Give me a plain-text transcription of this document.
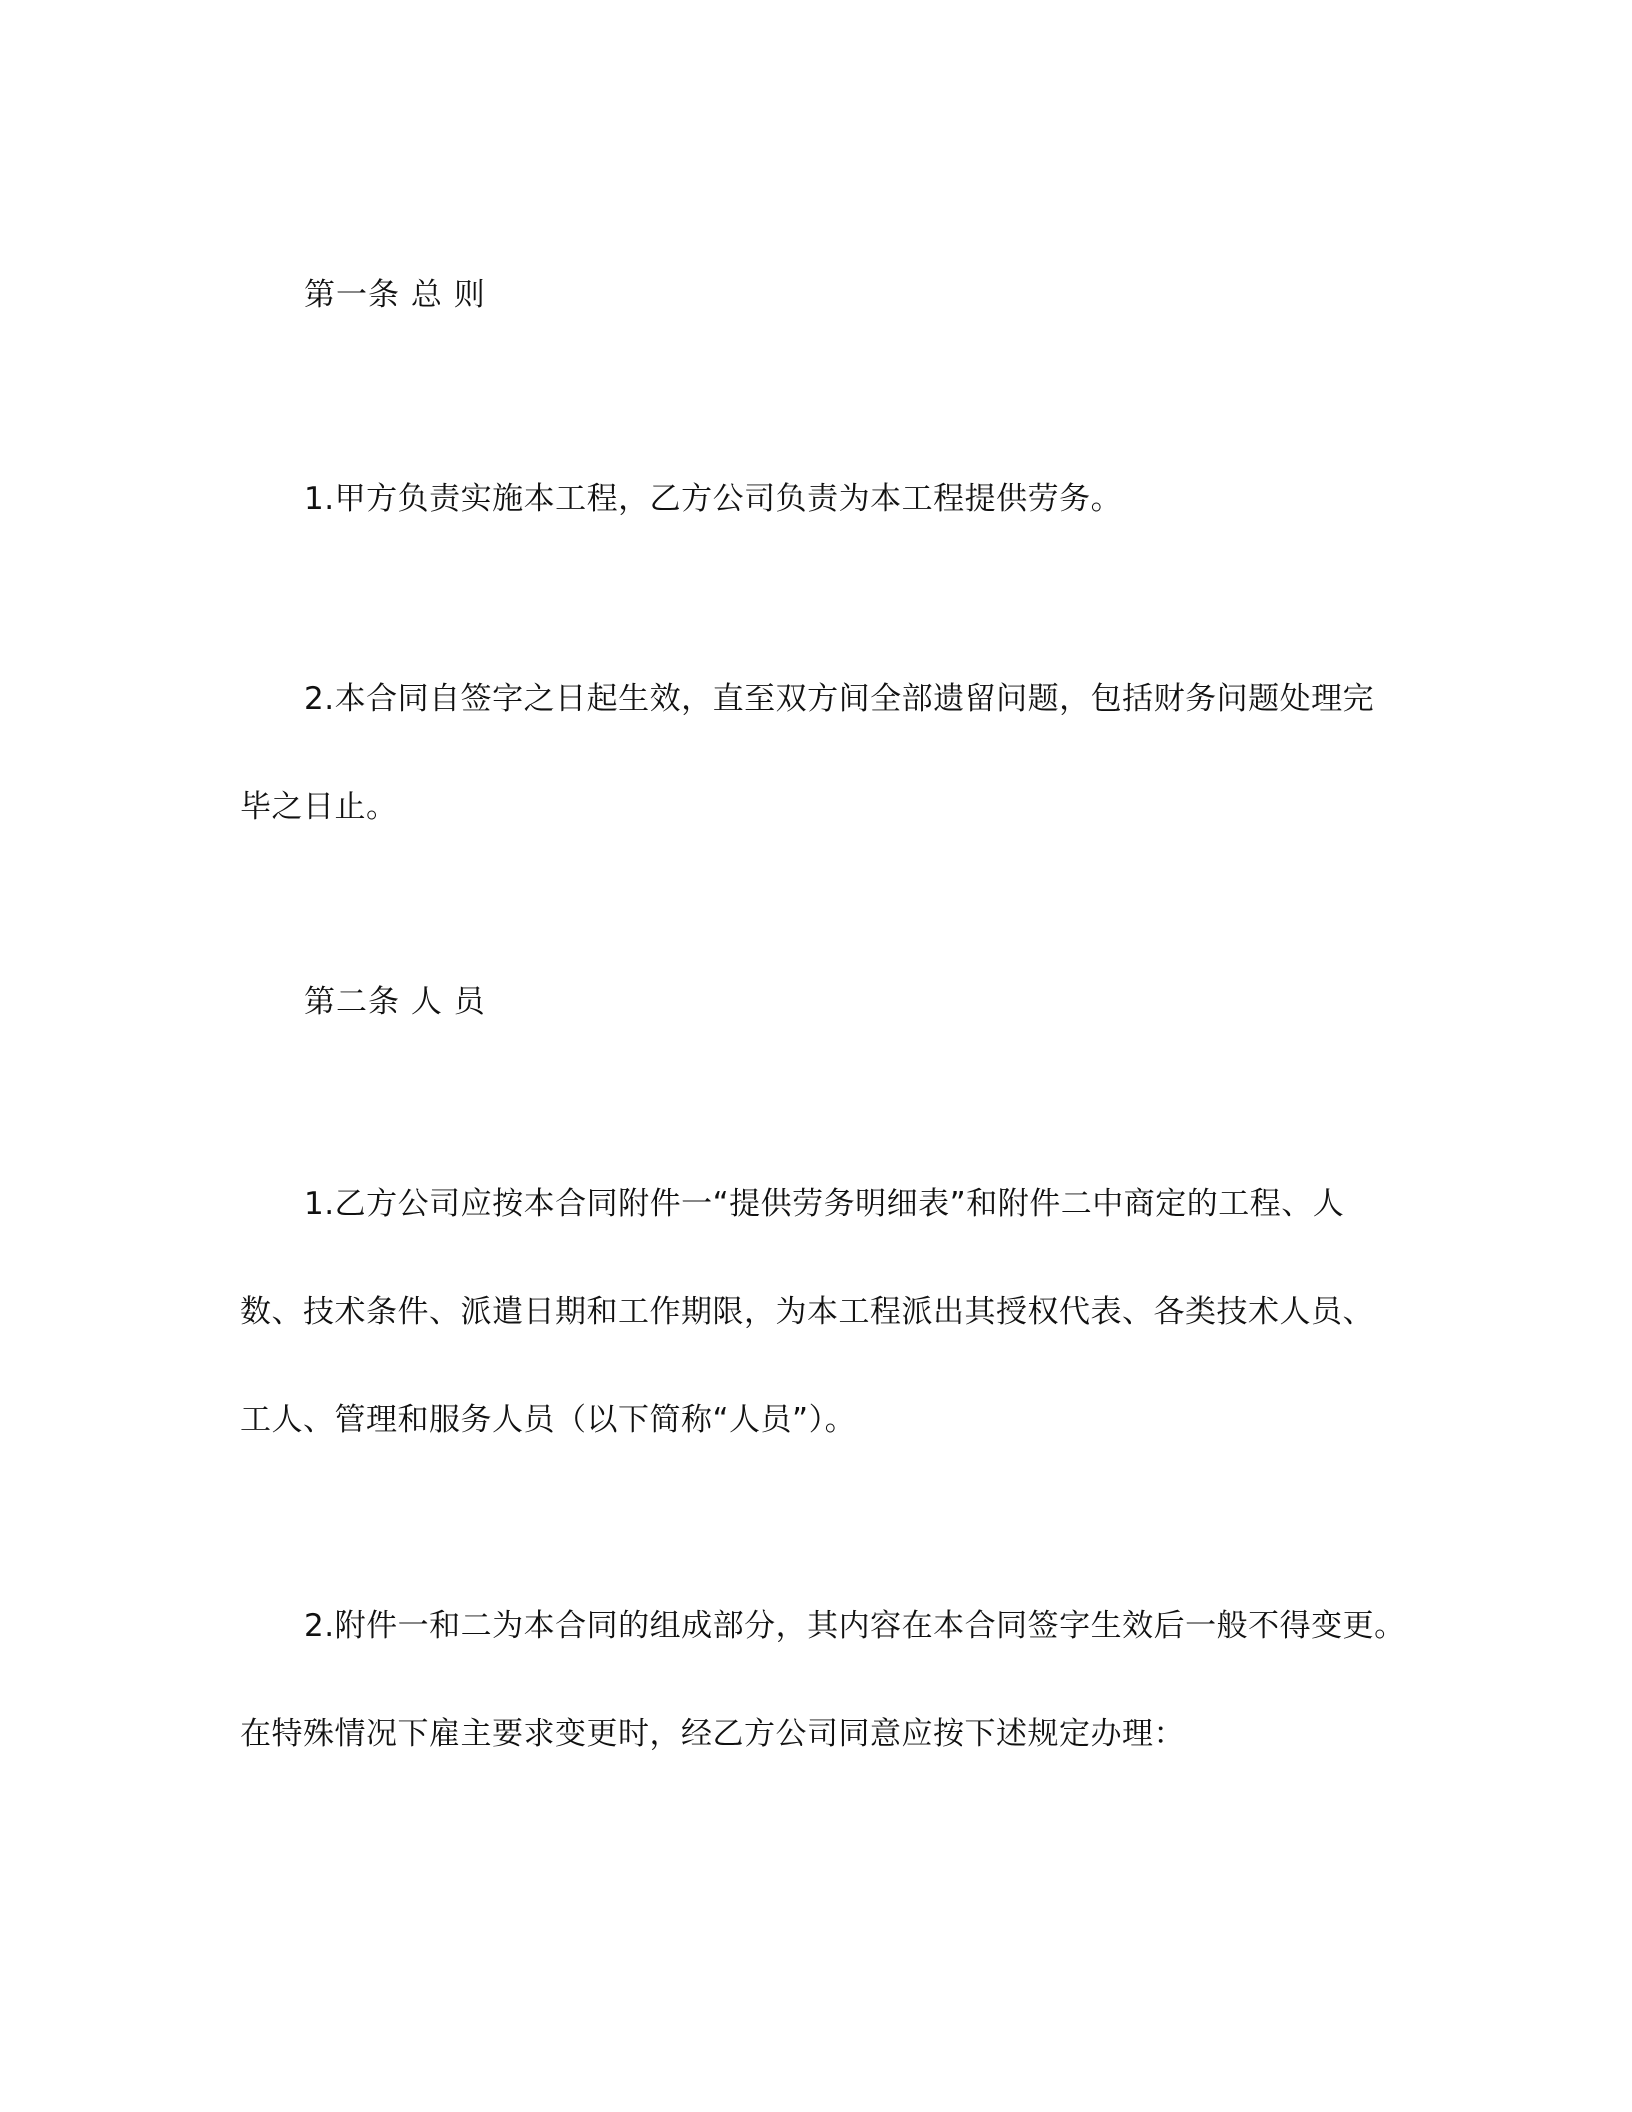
第一条 总 则
1.甲方负责实施本工程，乙方公司负责为本工程提供劳务。
2.本合同自签字之日起生效，直至双方间全部遗留问题，包括财务问题处理完
毕之日止。
第二条 人 员
1.乙方公司应按本合同附件一“提供劳务明细表”和附件二中商定的工程、人
数、技术条件、派遣日期和工作期限，为本工程派出其授权代表、各类技术人员、
工人、管理和服务人员（以下简称“人员”）。
2.附件一和二为本合同的组成部分，其内容在本合同签字生效后一般不得变更。
在特殊情况下雇主要求变更时，经乙方公司同意应按下述规定办理：
